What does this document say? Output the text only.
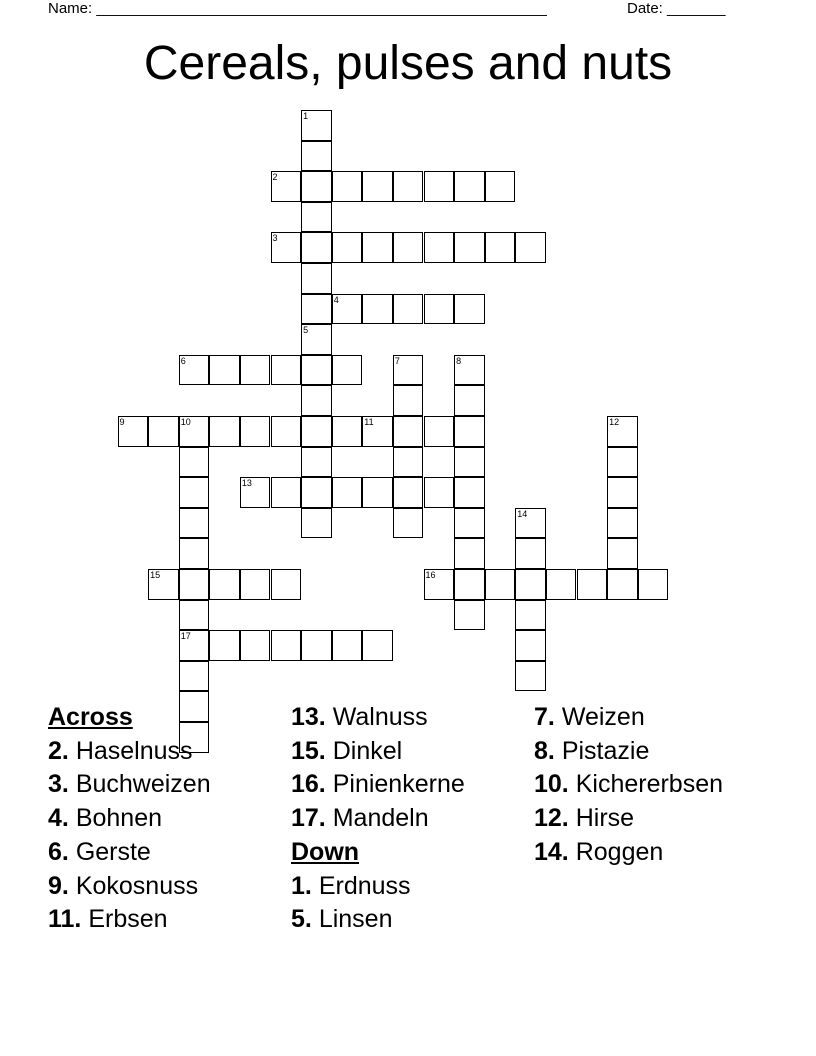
Name: ______________________________________________________	Date: _______
Cereals, pulses and nuts
1
2
3
4
5
6	7	8
9	10	11
17
12
13
14
15	16
Across
2. Haselnuss
3. Buchweizen
4. Bohnen
6. Gerste
9. Kokosnuss
11. Erbsen
13. Walnuss
15. Dinkel
16. Pinienkerne
17. Mandeln
Down
1. Erdnuss
5. Linsen
7. Weizen
8. Pistazie
10. Kichererbsen
12. Hirse
14. Roggen
